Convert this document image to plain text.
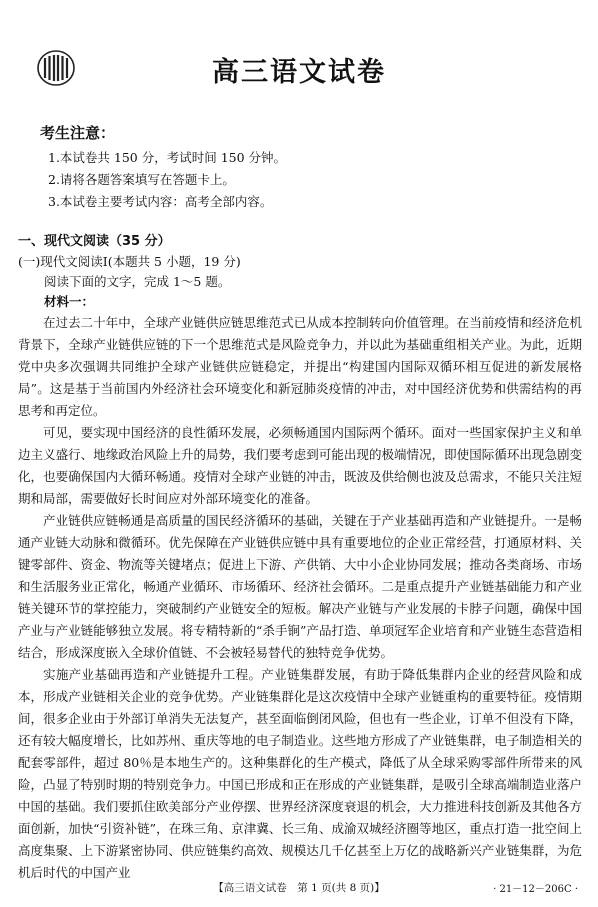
高三语文试卷
考生注意：
1.本试卷共 150 分，考试时间 150 分钟。
2.请将各题答案填写在答题卡上。
3.本试卷主要考试内容：高考全部内容。
一、现代文阅读（35 分）
(一)现代文阅读Ⅰ(本题共 5 小题，19 分)
阅读下面的文字，完成 1～5 题。
材料一：

在过去二十年中，全球产业链供应链思维范式已从成本控制转向价值管理。在当前疫情和经济危机背景下，全球产业链供应链的下一个思维范式是风险竞争力，并以此为基础重组相关产业。为此，近期党中央多次强调共同维护全球产业链供应链稳定，并提出“构建国内国际双循环相互促进的新发展格局”。这是基于当前国内外经济社会环境变化和新冠肺炎疫情的冲击，对中国经济优势和供需结构的再思考和再定位。

可见，要实现中国经济的良性循环发展，必须畅通国内国际两个循环。面对一些国家保护主义和单边主义盛行、地缘政治风险上升的局势，我们要考虑到可能出现的极端情况，即使国际循环出现急剧变化，也要确保国内大循环畅通。疫情对全球产业链的冲击，既波及供给侧也波及总需求，不能只关注短期和局部，需要做好长时间应对外部环境变化的准备。

产业链供应链畅通是高质量的国民经济循环的基础，关键在于产业基础再造和产业链提升。一是畅通产业链大动脉和微循环。优先保障在产业链供应链中具有重要地位的企业正常经营，打通原材料、关键零部件、资金、物流等关键堵点；促进上下游、产供销、大中小企业协同发展；推动各类商场、市场和生活服务业正常化，畅通产业循环、市场循环、经济社会循环。二是重点提升产业链基础能力和产业链关键环节的掌控能力，突破制约产业链安全的短板。解决产业链与产业发展的卡脖子问题，确保中国产业与产业链能够独立发展。将专精特新的“杀手锏”产品打造、单项冠军企业培育和产业链生态营造相结合，形成深度嵌入全球价值链、不会被轻易替代的独特竞争优势。

实施产业基础再造和产业链提升工程。产业链集群发展，有助于降低集群内企业的经营风险和成本，形成产业链相关企业的竞争优势。产业链集群化是这次疫情中全球产业链重构的重要特征。疫情期间，很多企业由于外部订单消失无法复产，甚至面临倒闭风险，但也有一些企业，订单不但没有下降，还有较大幅度增长，比如苏州、重庆等地的电子制造业。这些地方形成了产业链集群，电子制造相关的配套零部件，超过 80％是本地生产的。这种集群化的生产模式，降低了从全球采购零部件所带来的风险，凸显了特别时期的特别竞争力。中国已形成和正在形成的产业链集群，是吸引全球高端制造业落户中国的基础。我们要抓住欧美部分产业停摆、世界经济深度衰退的机会，大力推进科技创新及其他各方面创新，加快“引资补链”，在珠三角、京津冀、长三角、成渝双城经济圈等地区，重点打造一批空间上高度集聚、上下游紧密协同、供应链集约高效、规模达几千亿甚至上万亿的战略新兴产业链集群，为危机后时代的中国产业

【高三语文试卷　第 1 页(共 8 页)】	· 21－12－206C ·
